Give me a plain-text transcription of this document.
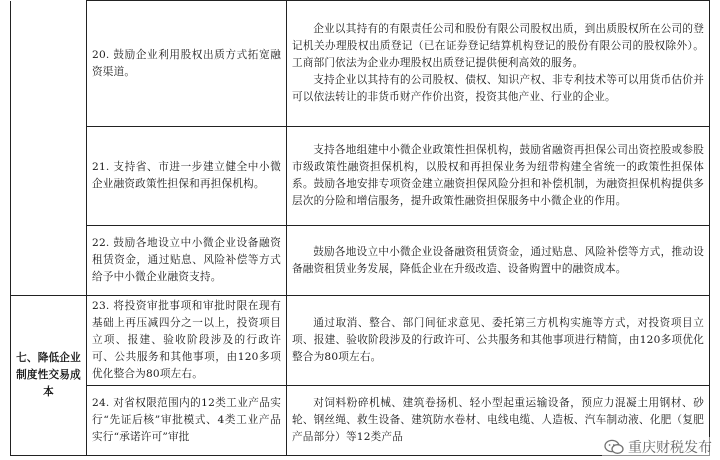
	20. 鼓励企业利用股权出质方式拓宽融资渠道。	企业以其持有的有限责任公司和股份有限公司股权出质，到出质股权所在公司的登记机关办理股权出质登记（已在证券登记结算机构登记的股份有限公司的股权除外）。工商部门依法为企业办理股权出质登记提供便利高效的服务。
支持企业以其持有的公司股权、债权、知识产权、非专利技术等可以用货币估价并可以依法转让的非货币财产作价出资，投资其他产业、行业的企业。

	21. 支持省、市进一步建立健全中小微企业融资政策性担保和再担保机构。	支持各地组建中小微企业政策性担保机构，鼓励省融资再担保公司出资控股或参股市级政策性融资担保机构，以股权和再担保业务为纽带构建全省统一的政策性担保体系。鼓励各地安排专项资金建立融资担保风险分担和补偿机制，为融资担保机构提供多层次的分险和增信服务，提升政策性融资担保服务中小微企业的作用。

	22. 鼓励各地设立中小微企业设备融资租赁资金，通过贴息、风险补偿等方式给予中小微企业融资支持。	鼓励各地设立中小微企业设备融资租赁资金，通过贴息、风险补偿等方式，推动设备融资租赁业务发展，降低企业在升级改造、设备购置中的融资成本。

七、降低企业制度性交易成本	23. 将投资审批事项和审批时限在现有基础上再压减四分之一以上，投资项目立项、报建、验收阶段涉及的行政许可、公共服务和其他事项，由120多项优化整合为80项左右。	通过取消、整合、部门间征求意见、委托第三方机构实施等方式，对投资项目立项、报建、验收阶段涉及的行政许可、公共服务和其他事项进行精简，由120多项优化整合为80项左右。

	24. 对省权限范围内的12类工业产品实行“先证后核”审批模式、4类工业产品实行“承诺许可”审批	对饲料粉碎机械、建筑卷扬机、轻小型起重运输设备，预应力混凝土用钢材、砂轮、钢丝绳、救生设备、建筑防水卷材、电线电缆、人造板、汽车制动液、化肥（复肥产品部分）等12类产品
重庆财税发布
